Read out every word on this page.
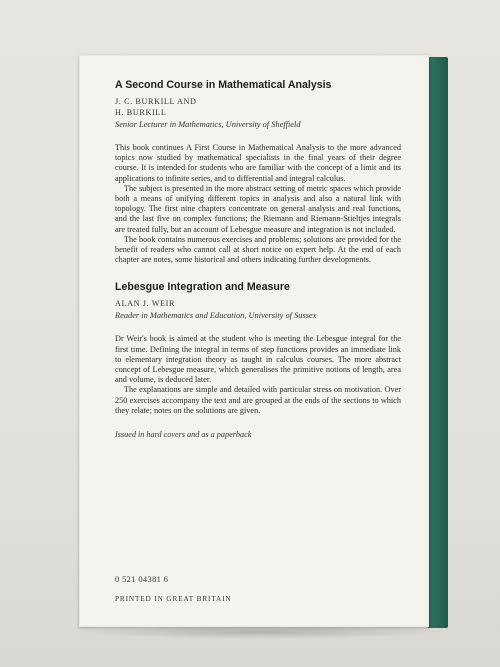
A Second Course in Mathematical Analysis

J. C. BURKILL AND

H. BURKILL

Senior Lecturer in Mathematics, University of Sheffield

This book continues A First Course in Mathematical Analysis to the more advanced topics now studied by mathematical specialists in the final years of their degree course. It is intended for students who are familiar with the concept of a limit and its applications to infinite series, and to differential and integral calculus.

The subject is presented in the more abstract setting of metric spaces which provide both a means of unifying different topics in analysis and also a natural link with topology. The first nine chapters concentrate on general analysis and real functions, and the last five on complex functions; the Riemann and Riemann-Stieltjes integrals are treated fully, but an account of Lebesgue measure and integration is not included.

The book contains numerous exercises and problems; solutions are provided for the benefit of readers who cannot call at short notice on expert help. At the end of each chapter are notes, some historical and others indicating further developments.

Lebesgue Integration and Measure

ALAN J. WEIR

Reader in Mathematics and Education, University of Sussex

Dr Weir's book is aimed at the student who is meeting the Lebesgue integral for the first time. Defining the integral in terms of step functions provides an immediate link to elementary integration theory as taught in calculus courses. The more abstract concept of Lebesgue measure, which generalises the primitive notions of length, area and volume, is deduced later.

The explanations are simple and detailed with particular stress on motivation. Over 250 exercises accompany the text and are grouped at the ends of the sections to which they relate; notes on the solutions are given.

Issued in hard covers and as a paperback

0 521 04381 6
PRINTED IN GREAT BRITAIN
